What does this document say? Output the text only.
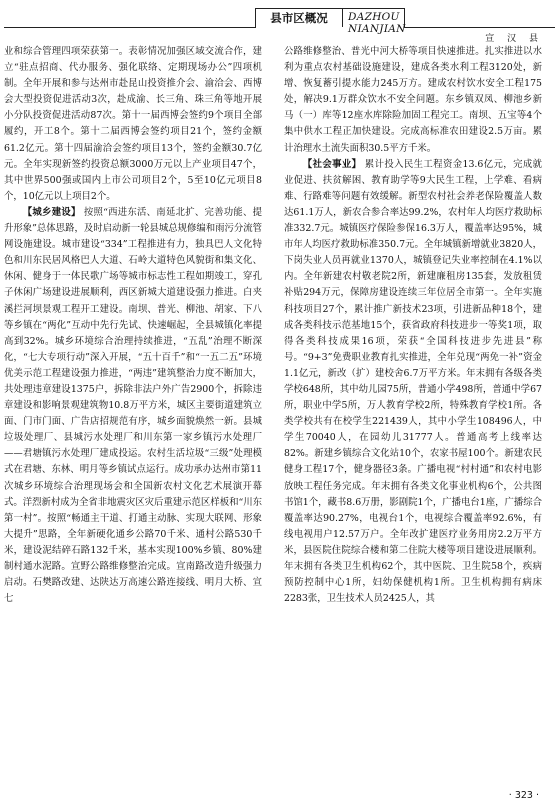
县市区概况	DAZHOU NIANJIAN
宣 汉 县

业和综合管理四项荣获第一。表彰情况加强区域交流合作，建立“驻点招商、代办服务、强化联络、定期现场办公”四项机制。全年开展和参与达州市赴昆山投资推介会、渝洽会、西博会大型投资促进活动3次，赴成渝、长三角、珠三角等地开展小分队投资促进活动87次。第十一届西博会签约9个项目全部履约，开工8个。第十二届西博会签约项目21个，签约金额61.2亿元。第十四届渝洽会签约项目13个，签约金额30.7亿元。全年实现新签约投资总额3000万元以上产业项目47个，其中世界500强或国内上市公司项目2个，5至10亿元项目8个，10亿元以上项目2个。

【城乡建设】 按照“西进东活、南延北扩、完善功能、提升形象”总体思路，及时启动新一轮县城总规修编和雨污分流管网设施建设。城市建设“334”工程推进有力，独具巴人文化特色和川东民居风格巴人大道、石岭大道特色风貌街和集文化、休闲、健身于一体民歌广场等城市标志性工程如期竣工，穿孔子休闲广场建设进展顺利，西区新城大道建设强力推进。白夹溪拦河坝景观工程开工建设。南坝、普光、柳池、胡家、下八等乡镇在“两化”互动中先行先试、快速崛起，全县城镇化率提高到32%。城乡环境综合治理持续推进，“五乱”治理不断深化，“七大专项行动”深入开展，“五十百千”和“一五二五”环境优美示范工程建设强力推进，“两违”建筑整治力度不断加大，共处理违章建设1375户，拆除非法户外广告2900个，拆除违章建设和影响景观建筑物10.8万平方米，城区主要街道建筑立面、门市门面、广告店招规范有序，城乡面貌焕然一新。县城垃圾处理厂、县城污水处理厂和川东第一家乡镇污水处理厂——君塘镇污水处理厂建成投运。农村生活垃圾“三级”处理模式在君塘、东林、明月等乡镇试点运行。成功承办达州市第11次城乡环境综合治理现场会和全国新农村文化艺术展演开幕式。洋烈新村成为全省非地震灾区灾后重建示范区样板和“川东第一村”。按照“畅通主干道、打通主动脉、实现大联网、形象大提升”思路，全年新硬化通乡公路70千米、通村公路530千米，建设泥结碎石路132千米，基本实现100%乡镇、80%建制村通水泥路。宣野公路维修整治完成。宣南路改造升级强力启动。石樊路改建、达陕达万高速公路连接线、明月大桥、宣七

公路维修整治、普光中河大桥等项目快速推进。扎实推进以水利为重点农村基础设施建设，建成各类水利工程3120处，新增、恢复蓄引提水能力245万方。建成农村饮水安全工程175处，解决9.1万群众饮水不安全问题。东乡镇双凤、柳池乡新马（一）库等12座水库除险加固工程完工。南坝、五宝等4个集中供水工程正加快建设。完成高标准农田建设2.5万亩。累计治理水土流失面积30.5平方千米。

【社会事业】 累计投入民生工程资金13.6亿元，完成就业促进、扶贫解困、教育助学等9大民生工程，上学难、看病难、行路难等问题有效缓解。新型农村社会养老保险覆盖人数达61.1万人，新农合参合率达99.2%，农村年人均医疗救助标准332.7元。城镇医疗保险参保16.3万人，覆盖率达95%，城市年人均医疗救助标准350.7元。全年城镇新增就业3820人，下岗失业人员再就业1370人，城镇登记失业率控制在4.1%以内。全年新建农村敬老院2所，新建廉租房135套，发放租赁补贴294万元，保障房建设连续三年位居全市第一。全年实施科技项目27个，累计推广新技术23项，引进新品种18个，建成各类科技示范基地15个，获省政府科技进步一等奖1项，取得各类科技成果16项，荣获“全国科技进步先进县”称号。“9+3”免费职业教育扎实推进，全年兑现“两免一补”资金1.1亿元，新改（扩）建校舍6.7万平方米。年末拥有各级各类学校648所，其中幼儿园75所，普通小学498所，普通中学67所，职业中学5所，万人教育学校2所，特殊教育学校1所。各类学校共有在校学生221439人，其中小学生108496人，中学生70040人，在园幼儿31777人。普通高考上线率达82%。新建乡镇综合文化站10个，农家书屋100个。新建农民健身工程17个，健身器径3条。广播电视“村村通”和农村电影放映工程任务完成。年末拥有各类文化事业机构6个，公共图书馆1个，藏书8.6万册，影剧院1个，广播电台1座，广播综合覆盖率达90.27%，电视台1个，电视综合覆盖率92.6%，有线电视用户12.57万户。全年改扩建医疗业务用房2.2万平方米，县医院住院综合楼和第二住院大楼等项目建设进展顺利。年末拥有各类卫生机构62个，其中医院、卫生院58个，疾病预防控制中心1所，妇幼保健机构1所。卫生机构拥有病床2283张，卫生技术人员2425人，其

· 323 ·
